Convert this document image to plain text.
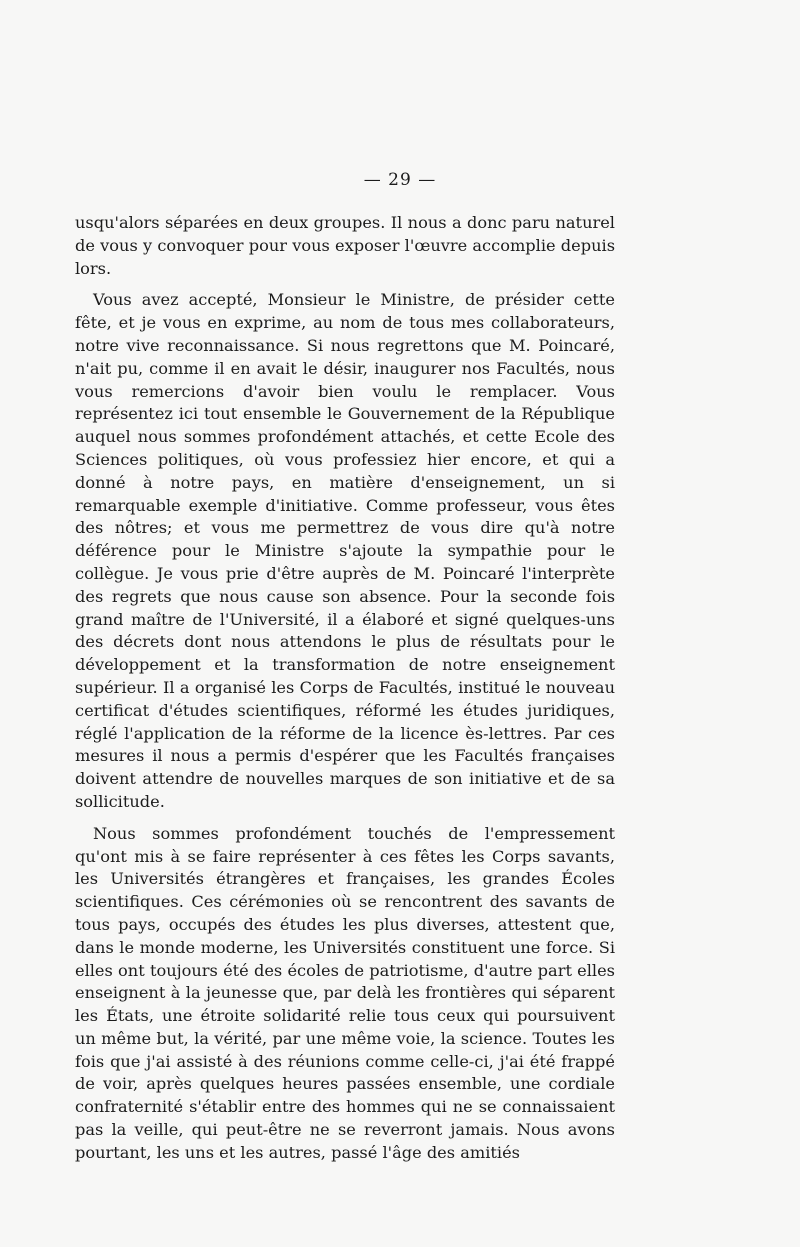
— 29 —

usqu'alors séparées en deux groupes. Il nous a donc paru naturel de vous y convoquer pour vous exposer l'œuvre accomplie depuis lors.

Vous avez accepté, Monsieur le Ministre, de présider cette fête, et je vous en exprime, au nom de tous mes collaborateurs, notre vive reconnaissance. Si nous regrettons que M. Poincaré, n'ait pu, comme il en avait le désir, inaugurer nos Facultés, nous vous remercions d'avoir bien voulu le remplacer. Vous représentez ici tout ensemble le Gouvernement de la République auquel nous sommes profondément attachés, et cette Ecole des Sciences politiques, où vous professiez hier encore, et qui a donné à notre pays, en matière d'enseignement, un si remarquable exemple d'initiative. Comme professeur, vous êtes des nôtres; et vous me permettrez de vous dire qu'à notre déférence pour le Ministre s'ajoute la sympathie pour le collègue. Je vous prie d'être auprès de M. Poincaré l'interprète des regrets que nous cause son absence. Pour la seconde fois grand maître de l'Université, il a élaboré et signé quelques-uns des décrets dont nous attendons le plus de résultats pour le développement et la transformation de notre enseignement supérieur. Il a organisé les Corps de Facultés, institué le nouveau certificat d'études scientifiques, réformé les études juridiques, réglé l'application de la réforme de la licence ès-lettres. Par ces mesures il nous a permis d'espérer que les Facultés françaises doivent attendre de nouvelles marques de son initiative et de sa sollicitude.

Nous sommes profondément touchés de l'empressement qu'ont mis à se faire représenter à ces fêtes les Corps savants, les Universités étrangères et françaises, les grandes Écoles scientifiques. Ces cérémonies où se rencontrent des savants de tous pays, occupés des études les plus diverses, attestent que, dans le monde moderne, les Universités constituent une force. Si elles ont toujours été des écoles de patriotisme, d'autre part elles enseignent à la jeunesse que, par delà les frontières qui séparent les États, une étroite solidarité relie tous ceux qui poursuivent un même but, la vérité, par une même voie, la science. Toutes les fois que j'ai assisté à des réunions comme celle-ci, j'ai été frappé de voir, après quelques heures passées ensemble, une cordiale confraternité s'établir entre des hommes qui ne se connaissaient pas la veille, qui peut-être ne se reverront jamais. Nous avons pourtant, les uns et les autres, passé l'âge des amitiés
